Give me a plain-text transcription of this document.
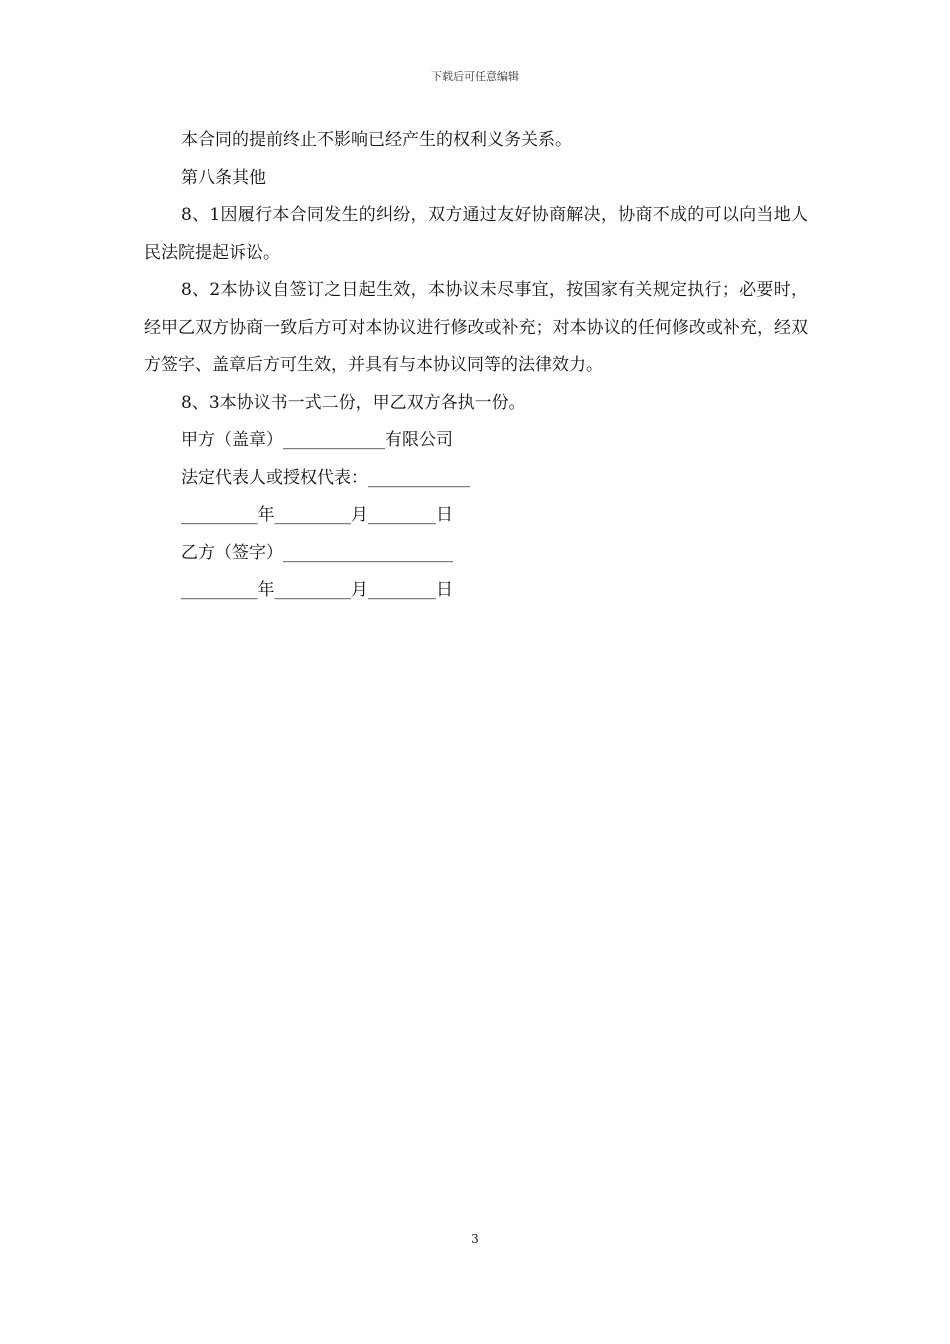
下载后可任意编辑

本合同的提前终止不影响已经产生的权利义务关系。

第八条其他

8、1因履行本合同发生的纠纷，双方通过友好协商解决，协商不成的可以向当地人民法院提起诉讼。

8、2本协议自签订之日起生效，本协议未尽事宜，按国家有关规定执行；必要时，经甲乙双方协商一致后方可对本协议进行修改或补充；对本协议的任何修改或补充，经双方签字、盖章后方可生效，并具有与本协议同等的法律效力。

8、3本协议书一式二份，甲乙双方各执一份。

甲方（盖章）____________有限公司

法定代表人或授权代表：____________

_________年_________月________日

乙方（签字）____________________

_________年_________月________日

3
